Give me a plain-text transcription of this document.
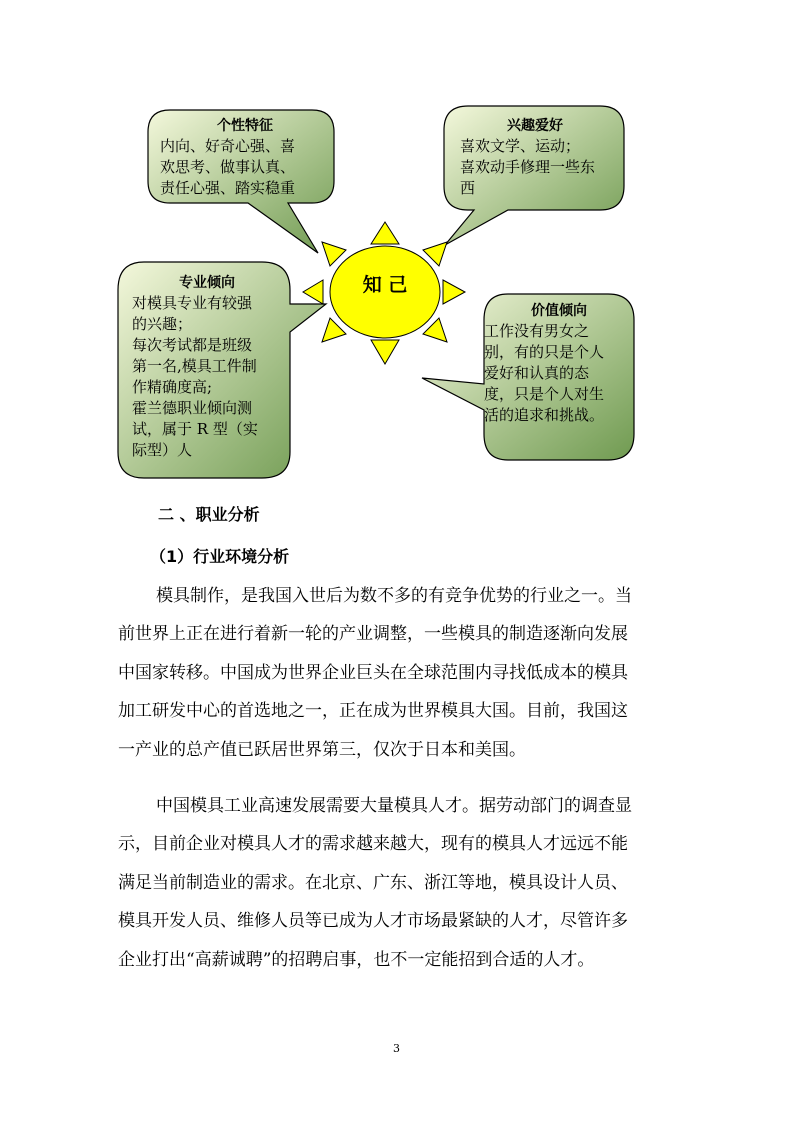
知 己
个性特征
内向、好奇心强、喜
欢思考、做事认真、
责任心强、踏实稳重
兴趣爱好
喜欢文学、运动；
喜欢动手修理一些东
西
专业倾向
对模具专业有较强
的兴趣；
每次考试都是班级
第一名,模具工件制
作精确度高;
霍兰德职业倾向测
试，属于 R 型（实
际型）人
价值倾向
工作没有男女之
别，有的只是个人
爱好和认真的态
度，只是个人对生
活的追求和挑战。
二 、职业分析
（1）行业环境分析
模具制作，是我国入世后为数不多的有竞争优势的行业之一。当
前世界上正在进行着新一轮的产业调整，一些模具的制造逐渐向发展
中国家转移。中国成为世界企业巨头在全球范围内寻找低成本的模具
加工研发中心的首选地之一，正在成为世界模具大国。目前，我国这
一产业的总产值已跃居世界第三，仅次于日本和美国。
中国模具工业高速发展需要大量模具人才。据劳动部门的调查显
示，目前企业对模具人才的需求越来越大，现有的模具人才远远不能
满足当前制造业的需求。在北京、广东、浙江等地，模具设计人员、
模具开发人员、维修人员等已成为人才市场最紧缺的人才，尽管许多
企业打出“高薪诚聘”的招聘启事，也不一定能招到合适的人才。
3
